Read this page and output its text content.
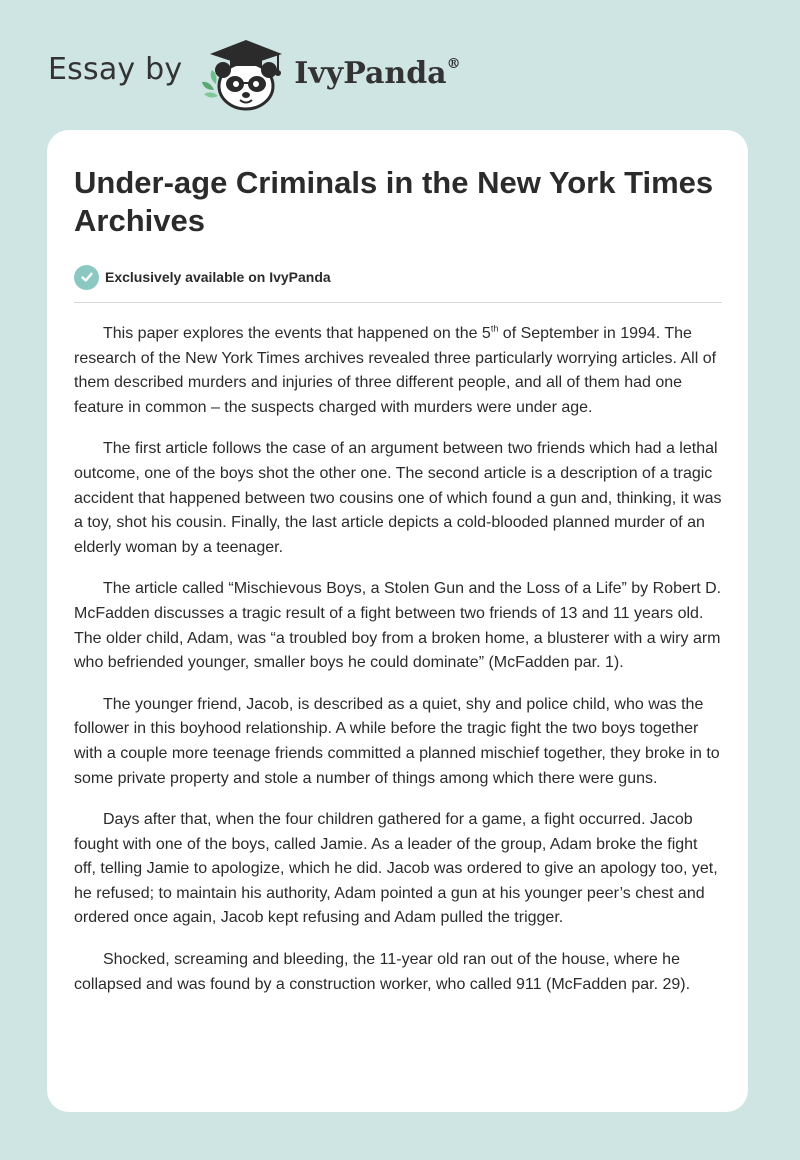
Essay by	IvyPanda®
Under-age Criminals in the New York Times Archives
Exclusively available on IvyPanda

This paper explores the events that happened on the 5th of September in 1994. The research of the New York Times archives revealed three particularly worrying articles. All of them described murders and injuries of three different people, and all of them had one feature in common – the suspects charged with murders were under age.

The first article follows the case of an argument between two friends which had a lethal outcome, one of the boys shot the other one. The second article is a description of a tragic accident that happened between two cousins one of which found a gun and, thinking, it was a toy, shot his cousin. Finally, the last article depicts a cold-blooded planned murder of an elderly woman by a teenager.

The article called “Mischievous Boys, a Stolen Gun and the Loss of a Life” by Robert D. McFadden discusses a tragic result of a fight between two friends of 13 and 11 years old. The older child, Adam, was “a troubled boy from a broken home, a blusterer with a wiry arm who befriended younger, smaller boys he could dominate” (McFadden par. 1).

The younger friend, Jacob, is described as a quiet, shy and police child, who was the follower in this boyhood relationship. A while before the tragic fight the two boys together with a couple more teenage friends committed a planned mischief together, they broke in to some private property and stole a number of things among which there were guns.

Days after that, when the four children gathered for a game, a fight occurred. Jacob fought with one of the boys, called Jamie. As a leader of the group, Adam broke the fight off, telling Jamie to apologize, which he did. Jacob was ordered to give an apology too, yet, he refused; to maintain his authority, Adam pointed a gun at his younger peer’s chest and ordered once again, Jacob kept refusing and Adam pulled the trigger.

Shocked, screaming and bleeding, the 11-year old ran out of the house, where he collapsed and was found by a construction worker, who called 911 (McFadden par. 29).
